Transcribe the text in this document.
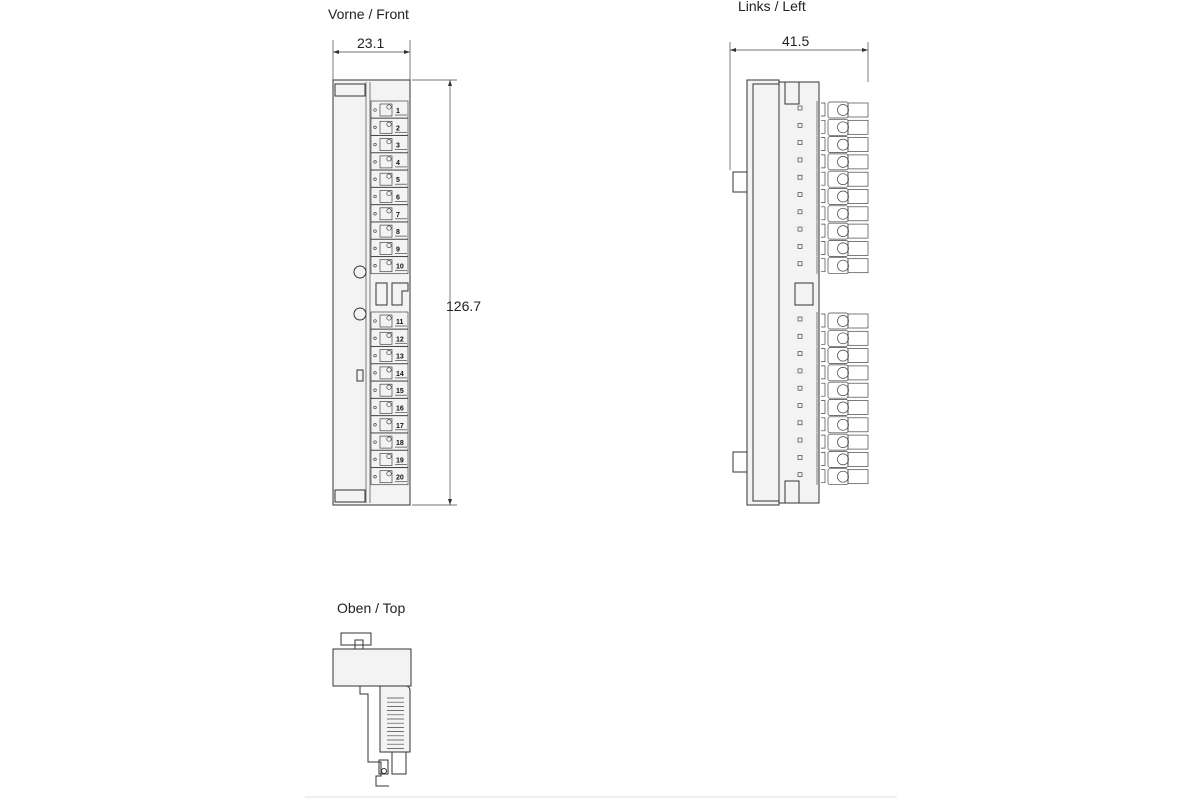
Vorne / Front
23.1
126.7
1
2
3
4
5
6
7
8
9
10
11
12
13
14
15
16
17
18
19
20
Links / Left
41.5
Oben / Top
